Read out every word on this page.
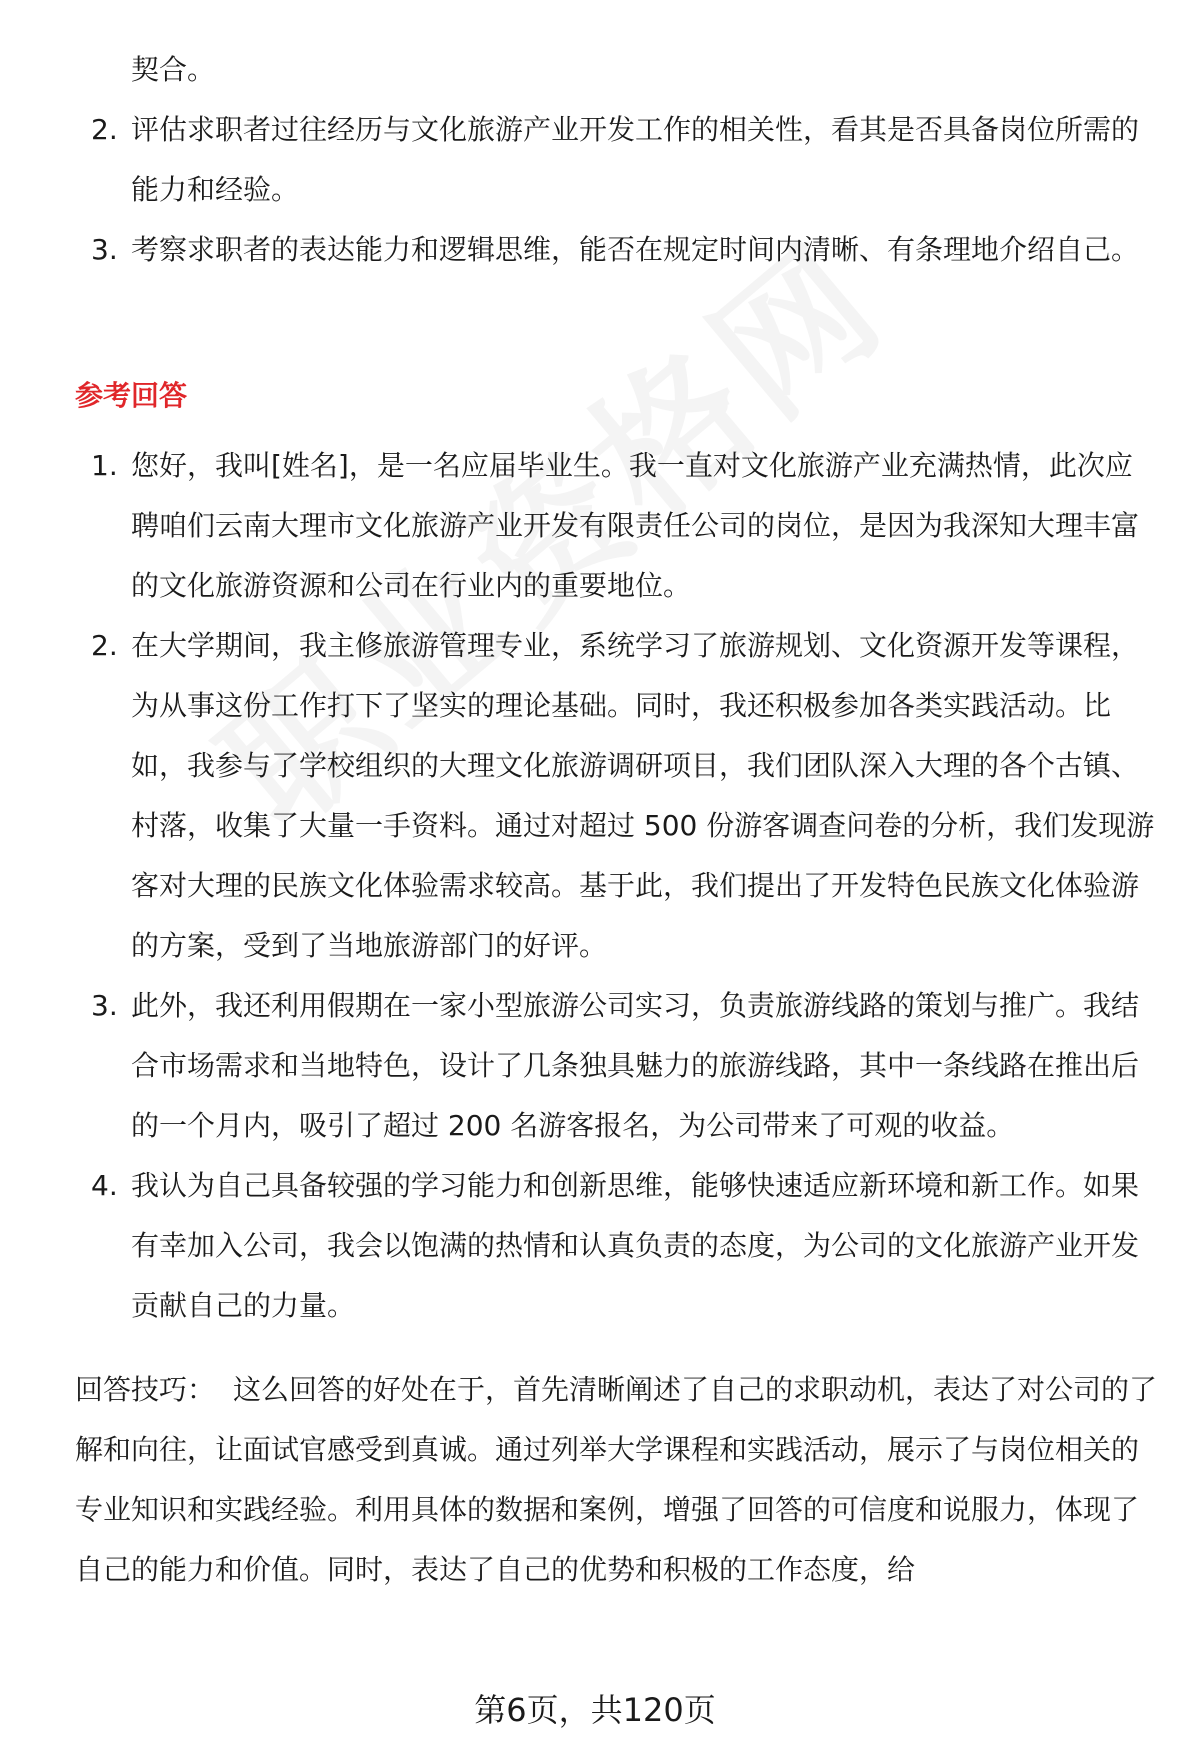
契合。
2. 评估求职者过往经历与文化旅游产业开发工作的相关性，看其是否具备岗位所需的能力和经验。
3. 考察求职者的表达能力和逻辑思维，能否在规定时间内清晰、有条理地介绍自己。
参考回答
1. 您好，我叫[姓名]，是一名应届毕业生。我一直对文化旅游产业充满热情，此次应聘咱们云南大理市文化旅游产业开发有限责任公司的岗位，是因为我深知大理丰富的文化旅游资源和公司在行业内的重要地位。
2. 在大学期间，我主修旅游管理专业，系统学习了旅游规划、文化资源开发等课程，为从事这份工作打下了坚实的理论基础。同时，我还积极参加各类实践活动。比如，我参与了学校组织的大理文化旅游调研项目，我们团队深入大理的各个古镇、村落，收集了大量一手资料。通过对超过 500 份游客调查问卷的分析，我们发现游客对大理的民族文化体验需求较高。基于此，我们提出了开发特色民族文化体验游的方案，受到了当地旅游部门的好评。
3. 此外，我还利用假期在一家小型旅游公司实习，负责旅游线路的策划与推广。我结合市场需求和当地特色，设计了几条独具魅力的旅游线路，其中一条线路在推出后的一个月内，吸引了超过 200 名游客报名，为公司带来了可观的收益。
4. 我认为自己具备较强的学习能力和创新思维，能够快速适应新环境和新工作。如果有幸加入公司，我会以饱满的热情和认真负责的态度，为公司的文化旅游产业开发贡献自己的力量。
回答技巧： 这么回答的好处在于，首先清晰阐述了自己的求职动机，表达了对公司的了解和向往，让面试官感受到真诚。通过列举大学课程和实践活动，展示了与岗位相关的专业知识和实践经验。利用具体的数据和案例，增强了回答的可信度和说服力，体现了自己的能力和价值。同时，表达了自己的优势和积极的工作态度，给
第6页，共120页
